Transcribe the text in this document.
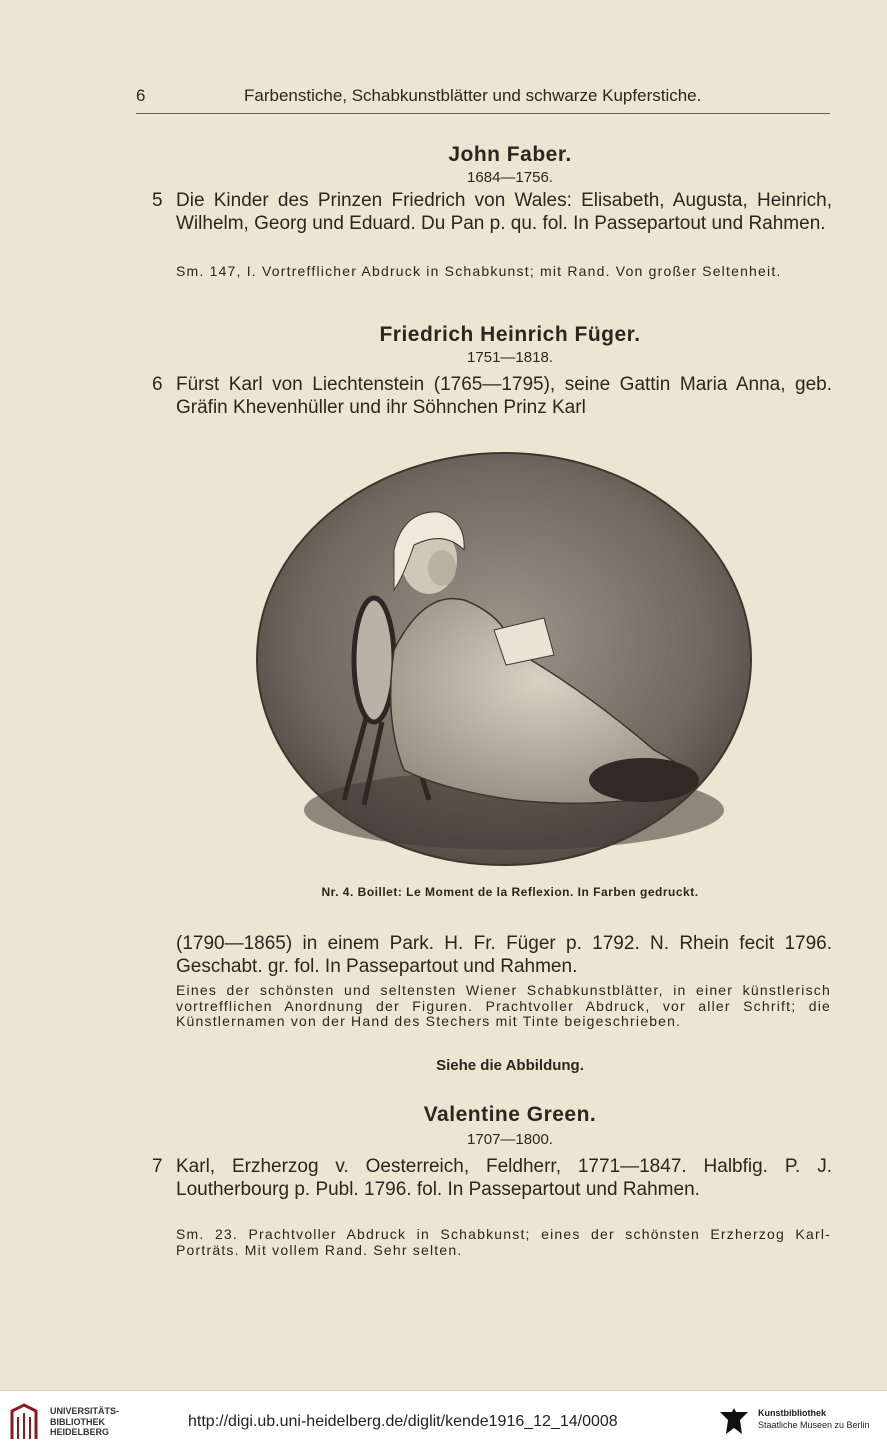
6	Farbenstiche, Schabkunstblätter und schwarze Kupferstiche.
John Faber.
1684—1756.
5 Die Kinder des Prinzen Friedrich von Wales: Elisabeth, Augusta, Heinrich, Wilhelm, Georg und Eduard. Du Pan p. qu. fol. In Passepartout und Rahmen.
Sm. 147, I. Vortrefflicher Abdruck in Schabkunst; mit Rand. Von großer Seltenheit.
Friedrich Heinrich Füger.
1751—1818.
6 Fürst Karl von Liechtenstein (1765—1795), seine Gattin Maria Anna, geb. Gräfin Khevenhüller und ihr Söhnchen Prinz Karl
Nr. 4. Boillet: Le Moment de la Reflexion. In Farben gedruckt.
(1790—1865) in einem Park. H. Fr. Füger p. 1792. N. Rhein fecit 1796. Geschabt. gr. fol. In Passepartout und Rahmen.
Eines der schönsten und seltensten Wiener Schabkunstblätter, in einer künstlerisch vortrefflichen Anordnung der Figuren. Prachtvoller Abdruck, vor aller Schrift; die Künstlernamen von der Hand des Stechers mit Tinte beigeschrieben.
Siehe die Abbildung.
Valentine Green.
1707—1800.
7 Karl, Erzherzog v. Oesterreich, Feldherr, 1771—1847. Halbfig. P. J. Loutherbourg p. Publ. 1796. fol. In Passepartout und Rahmen.
Sm. 23. Prachtvoller Abdruck in Schabkunst; eines der schönsten Erzherzog Karl-Porträts. Mit vollem Rand. Sehr selten.
UNIVERSITÄTS-
BIBLIOTHEK
HEIDELBERG
http://digi.ub.uni-heidelberg.de/diglit/kende1916_12_14/0008	Kunstbibliothek
Staatliche Museen zu Berlin
